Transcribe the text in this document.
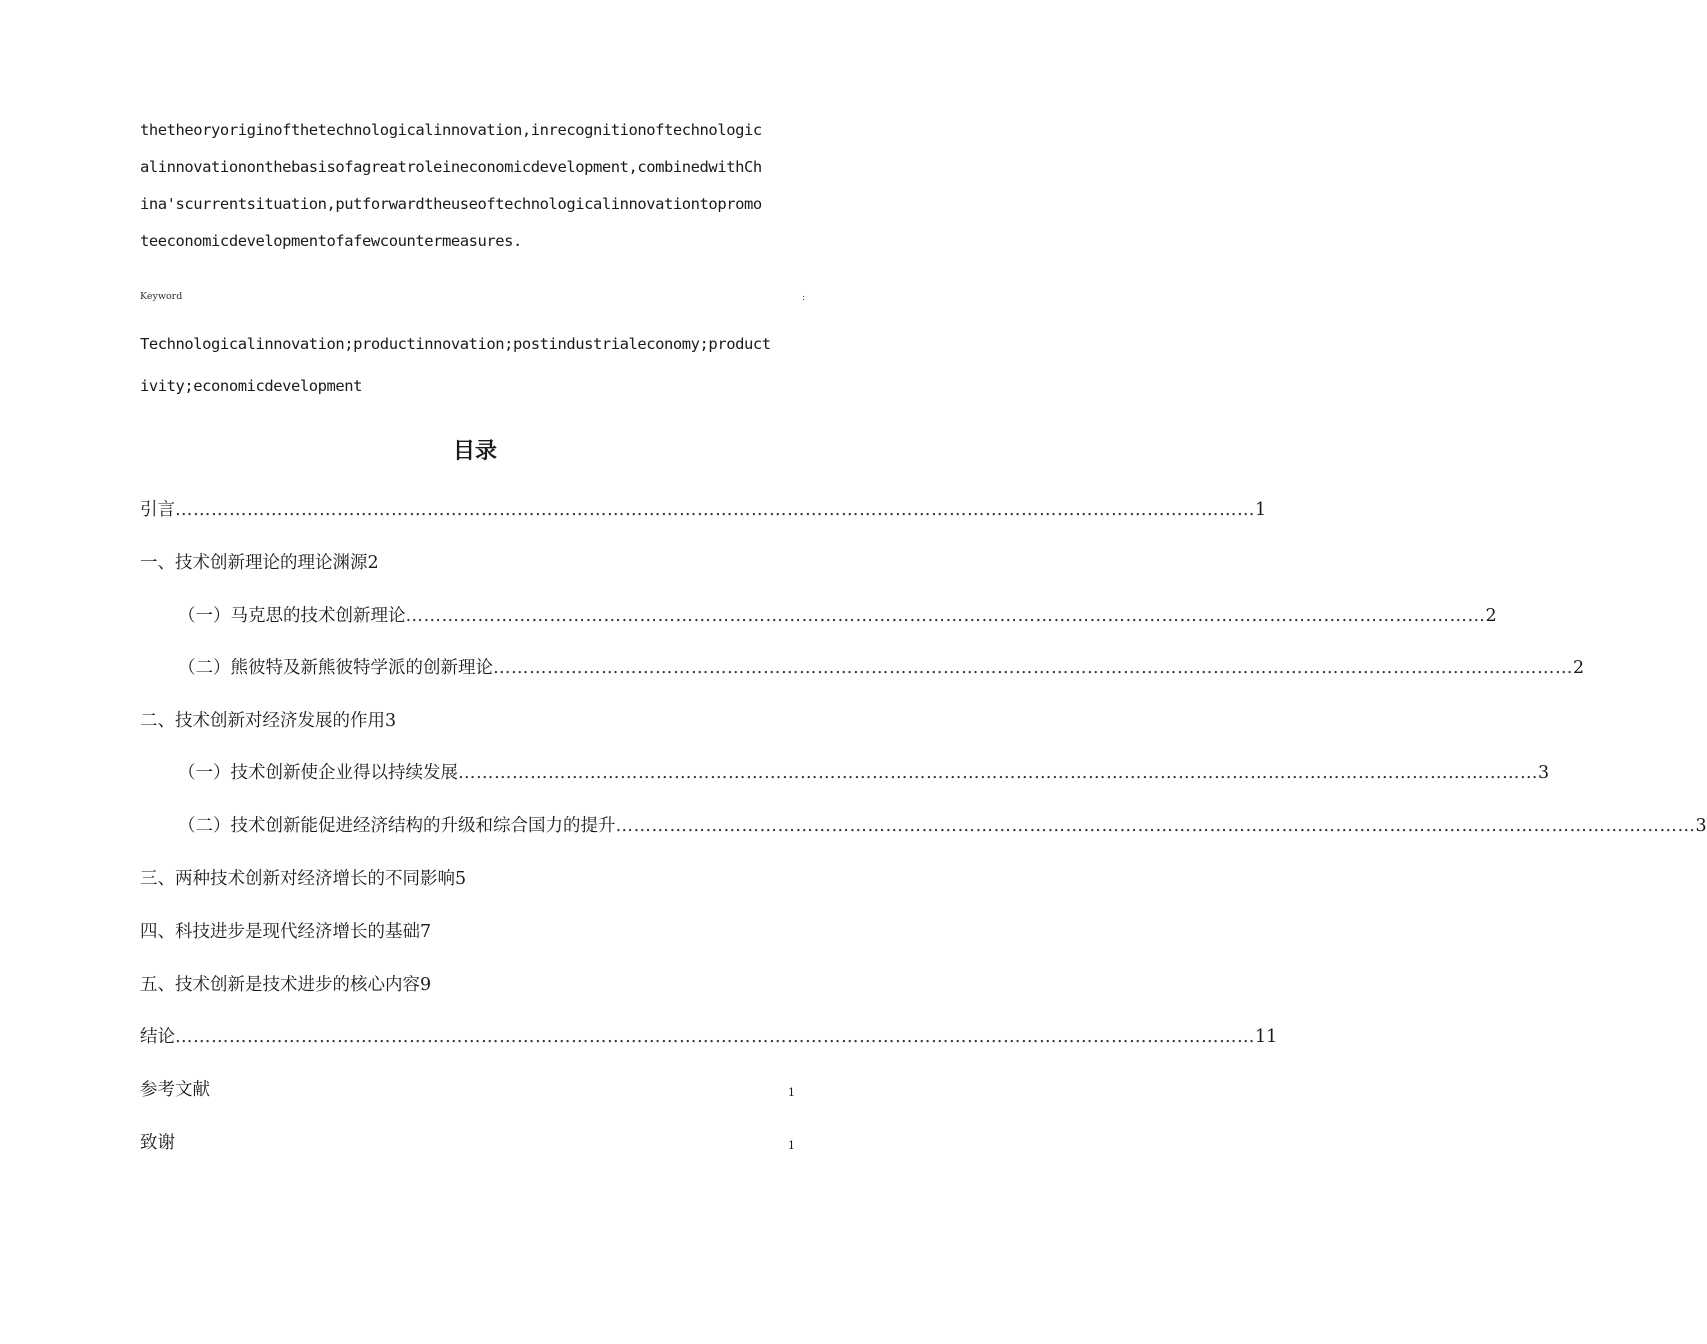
thetheoryoriginofthetechnologicalinnovation,inrecognitionoftechnologic
alinnovationonthebasisofagreatroleineconomicdevelopment,combinedwithCh
ina'scurrentsituation,putforwardtheuseoftechnologicalinnovationtopromo
teeconomicdevelopmentofafewcountermeasures.
Keyword	:
Technologicalinnovation;productinnovation;postindustrialeconomy;product
ivity;economicdevelopment
目录
引言 ……………………………………………………………………………………………………………………………………………………………… 1
一、技术创新理论的理论渊源2
（一）马克思的技术创新理论 ……………………………………………………………………………………………………………………………………………………………… 2
（二）熊彼特及新熊彼特学派的创新理论 ……………………………………………………………………………………………………………………………………………………………… 2
二、技术创新对经济发展的作用3
（一）技术创新使企业得以持续发展 ……………………………………………………………………………………………………………………………………………………………… 3
（二）技术创新能促进经济结构的升级和综合国力的提升 ……………………………………………………………………………………………………………………………………………………………… 3
三、两种技术创新对经济增长的不同影响5
四、科技进步是现代经济增长的基础7
五、技术创新是技术进步的核心内容9
结论 ……………………………………………………………………………………………………………………………………………………………… 11
参考文献	1
致谢	1
